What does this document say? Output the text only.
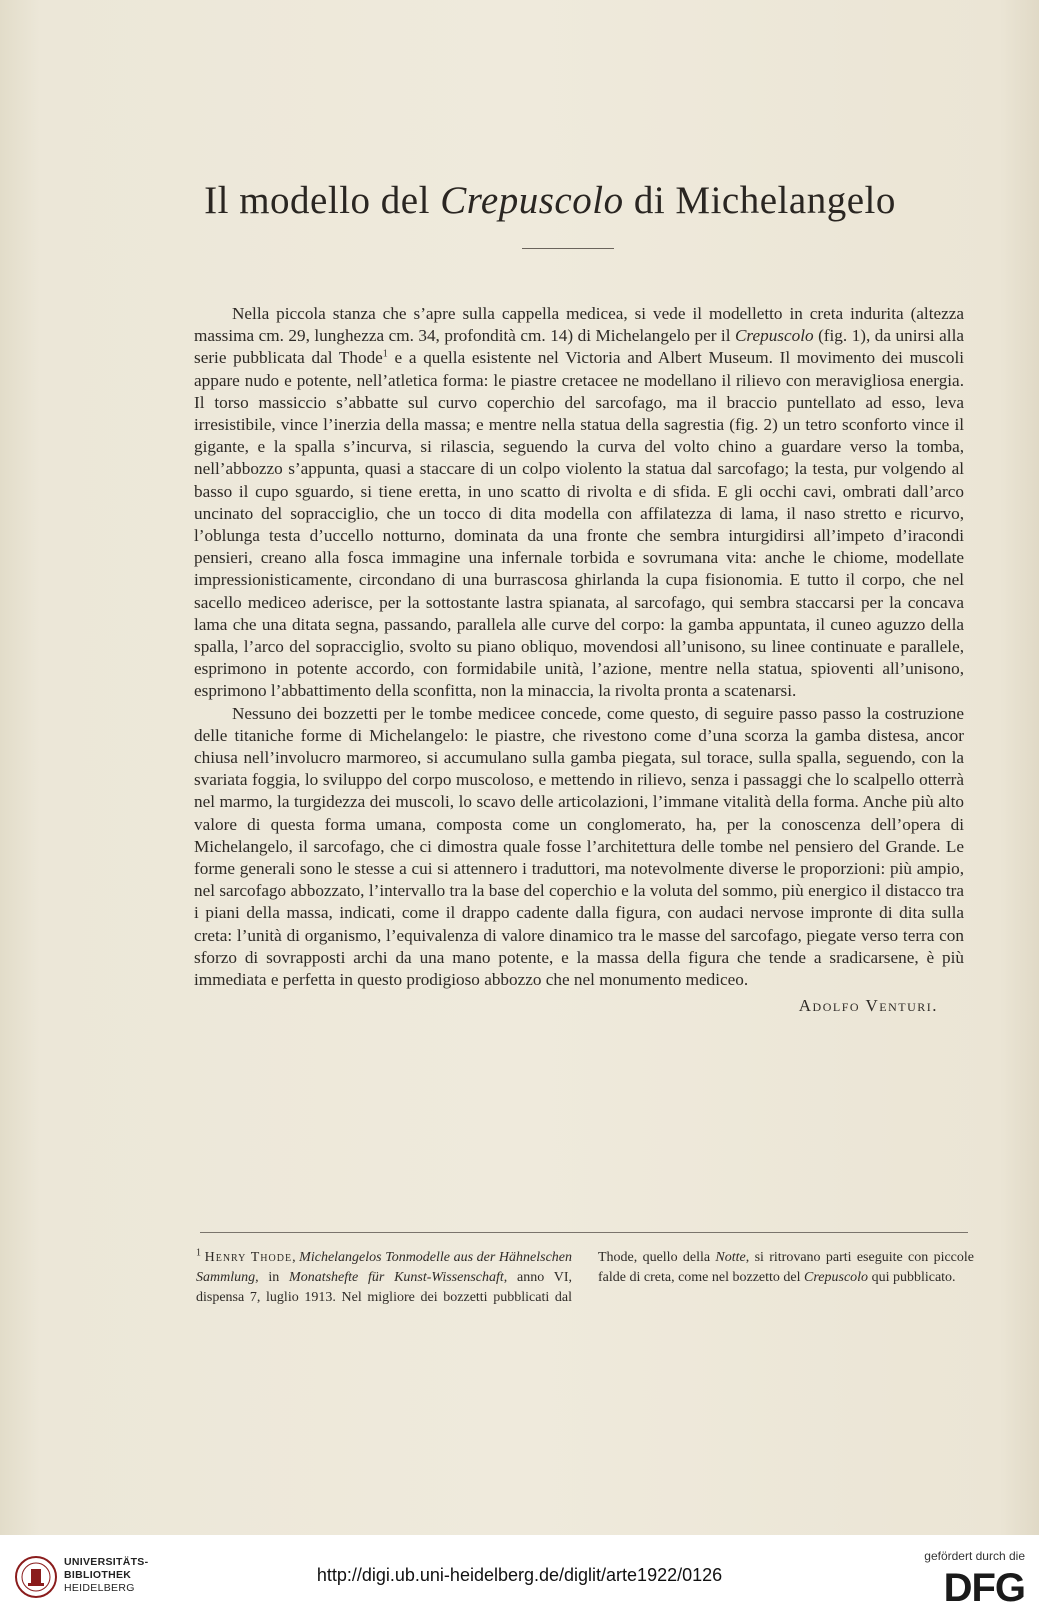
Il modello del Crepuscolo di Michelangelo

Nella piccola stanza che s’apre sulla cappella medicea, si vede il modelletto in creta indurita (altezza massima cm. 29, lunghezza cm. 34, profondità cm. 14) di Michelangelo per il Crepuscolo (fig. 1), da unirsi alla serie pubblicata dal Thode$^1$ e a quella esistente nel Victoria and Albert Museum. Il movimento dei muscoli appare nudo e potente, nell’atletica forma: le piastre cretacee ne modellano il rilievo con meravigliosa energia. Il torso massiccio s’abbatte sul curvo coperchio del sarcofago, ma il braccio puntellato ad esso, leva irresistibile, vince l’inerzia della massa; e mentre nella statua della sagrestia (fig. 2) un tetro sconforto vince il gigante, e la spalla s’incurva, si rilascia, seguendo la curva del volto chino a guardare verso la tomba, nell’abbozzo s’appunta, quasi a staccare di un colpo violento la statua dal sarcofago; la testa, pur volgendo al basso il cupo sguardo, si tiene eretta, in uno scatto di rivolta e di sfida. E gli occhi cavi, ombrati dall’arco uncinato del sopracciglio, che un tocco di dita modella con affilatezza di lama, il naso stretto e ricurvo, l’oblunga testa d’uccello notturno, dominata da una fronte che sembra inturgidirsi all’impeto d’iracondi pensieri, creano alla fosca immagine una infernale torbida e sovrumana vita: anche le chiome, modellate impressionisticamente, circondano di una burrascosa ghirlanda la cupa fisionomia. E tutto il corpo, che nel sacello mediceo aderisce, per la sottostante lastra spianata, al sarcofago, qui sembra staccarsi per la concava lama che una ditata segna, passando, parallela alle curve del corpo: la gamba appuntata, il cuneo aguzzo della spalla, l’arco del sopracciglio, svolto su piano obliquo, movendosi all’unisono, su linee continuate e parallele, esprimono in potente accordo, con formidabile unità, l’azione, mentre nella statua, spioventi all’unisono, esprimono l’abbattimento della sconfitta, non la minaccia, la rivolta pronta a scatenarsi.

Nessuno dei bozzetti per le tombe medicee concede, come questo, di seguire passo passo la costruzione delle titaniche forme di Michelangelo: le piastre, che rivestono come d’una scorza la gamba distesa, ancor chiusa nell’involucro marmoreo, si accumulano sulla gamba piegata, sul torace, sulla spalla, seguendo, con la svariata foggia, lo sviluppo del corpo muscoloso, e mettendo in rilievo, senza i passaggi che lo scalpello otterrà nel marmo, la turgidezza dei muscoli, lo scavo delle articolazioni, l’immane vitalità della forma. Anche più alto valore di questa forma umana, composta come un conglomerato, ha, per la conoscenza dell’opera di Michelangelo, il sarcofago, che ci dimostra quale fosse l’architettura delle tombe nel pensiero del Grande. Le forme generali sono le stesse a cui si attennero i traduttori, ma notevolmente diverse le proporzioni: più ampio, nel sarcofago abbozzato, l’intervallo tra la base del coperchio e la voluta del sommo, più energico il distacco tra i piani della massa, indicati, come il drappo cadente dalla figura, con audaci nervose impronte di dita sulla creta: l’unità di organismo, l’equivalenza di valore dinamico tra le masse del sarcofago, piegate verso terra con sforzo di sovrapposti archi da una mano potente, e la massa della figura che tende a sradicarsene, è più immediata e perfetta in questo prodigioso abbozzo che nel monumento mediceo.

Adolfo Venturi.
$^1$ Henry Thode, Michelangelos Tonmodelle aus der Hähnelschen Sammlung, in Monatshefte für Kunst-Wissenschaft, anno VI, dispensa 7, luglio 1913. Nel migliore dei bozzetti pubblicati dal Thode, quello della Notte, si ritrovano parti eseguite con piccole falde di creta, come nel bozzetto del Crepuscolo qui pubblicato.
UNIVERSITÄTS-
BIBLIOTHEK
HEIDELBERG
http://digi.ub.uni-heidelberg.de/diglit/arte1922/0126
gefördert durch die
DFG
